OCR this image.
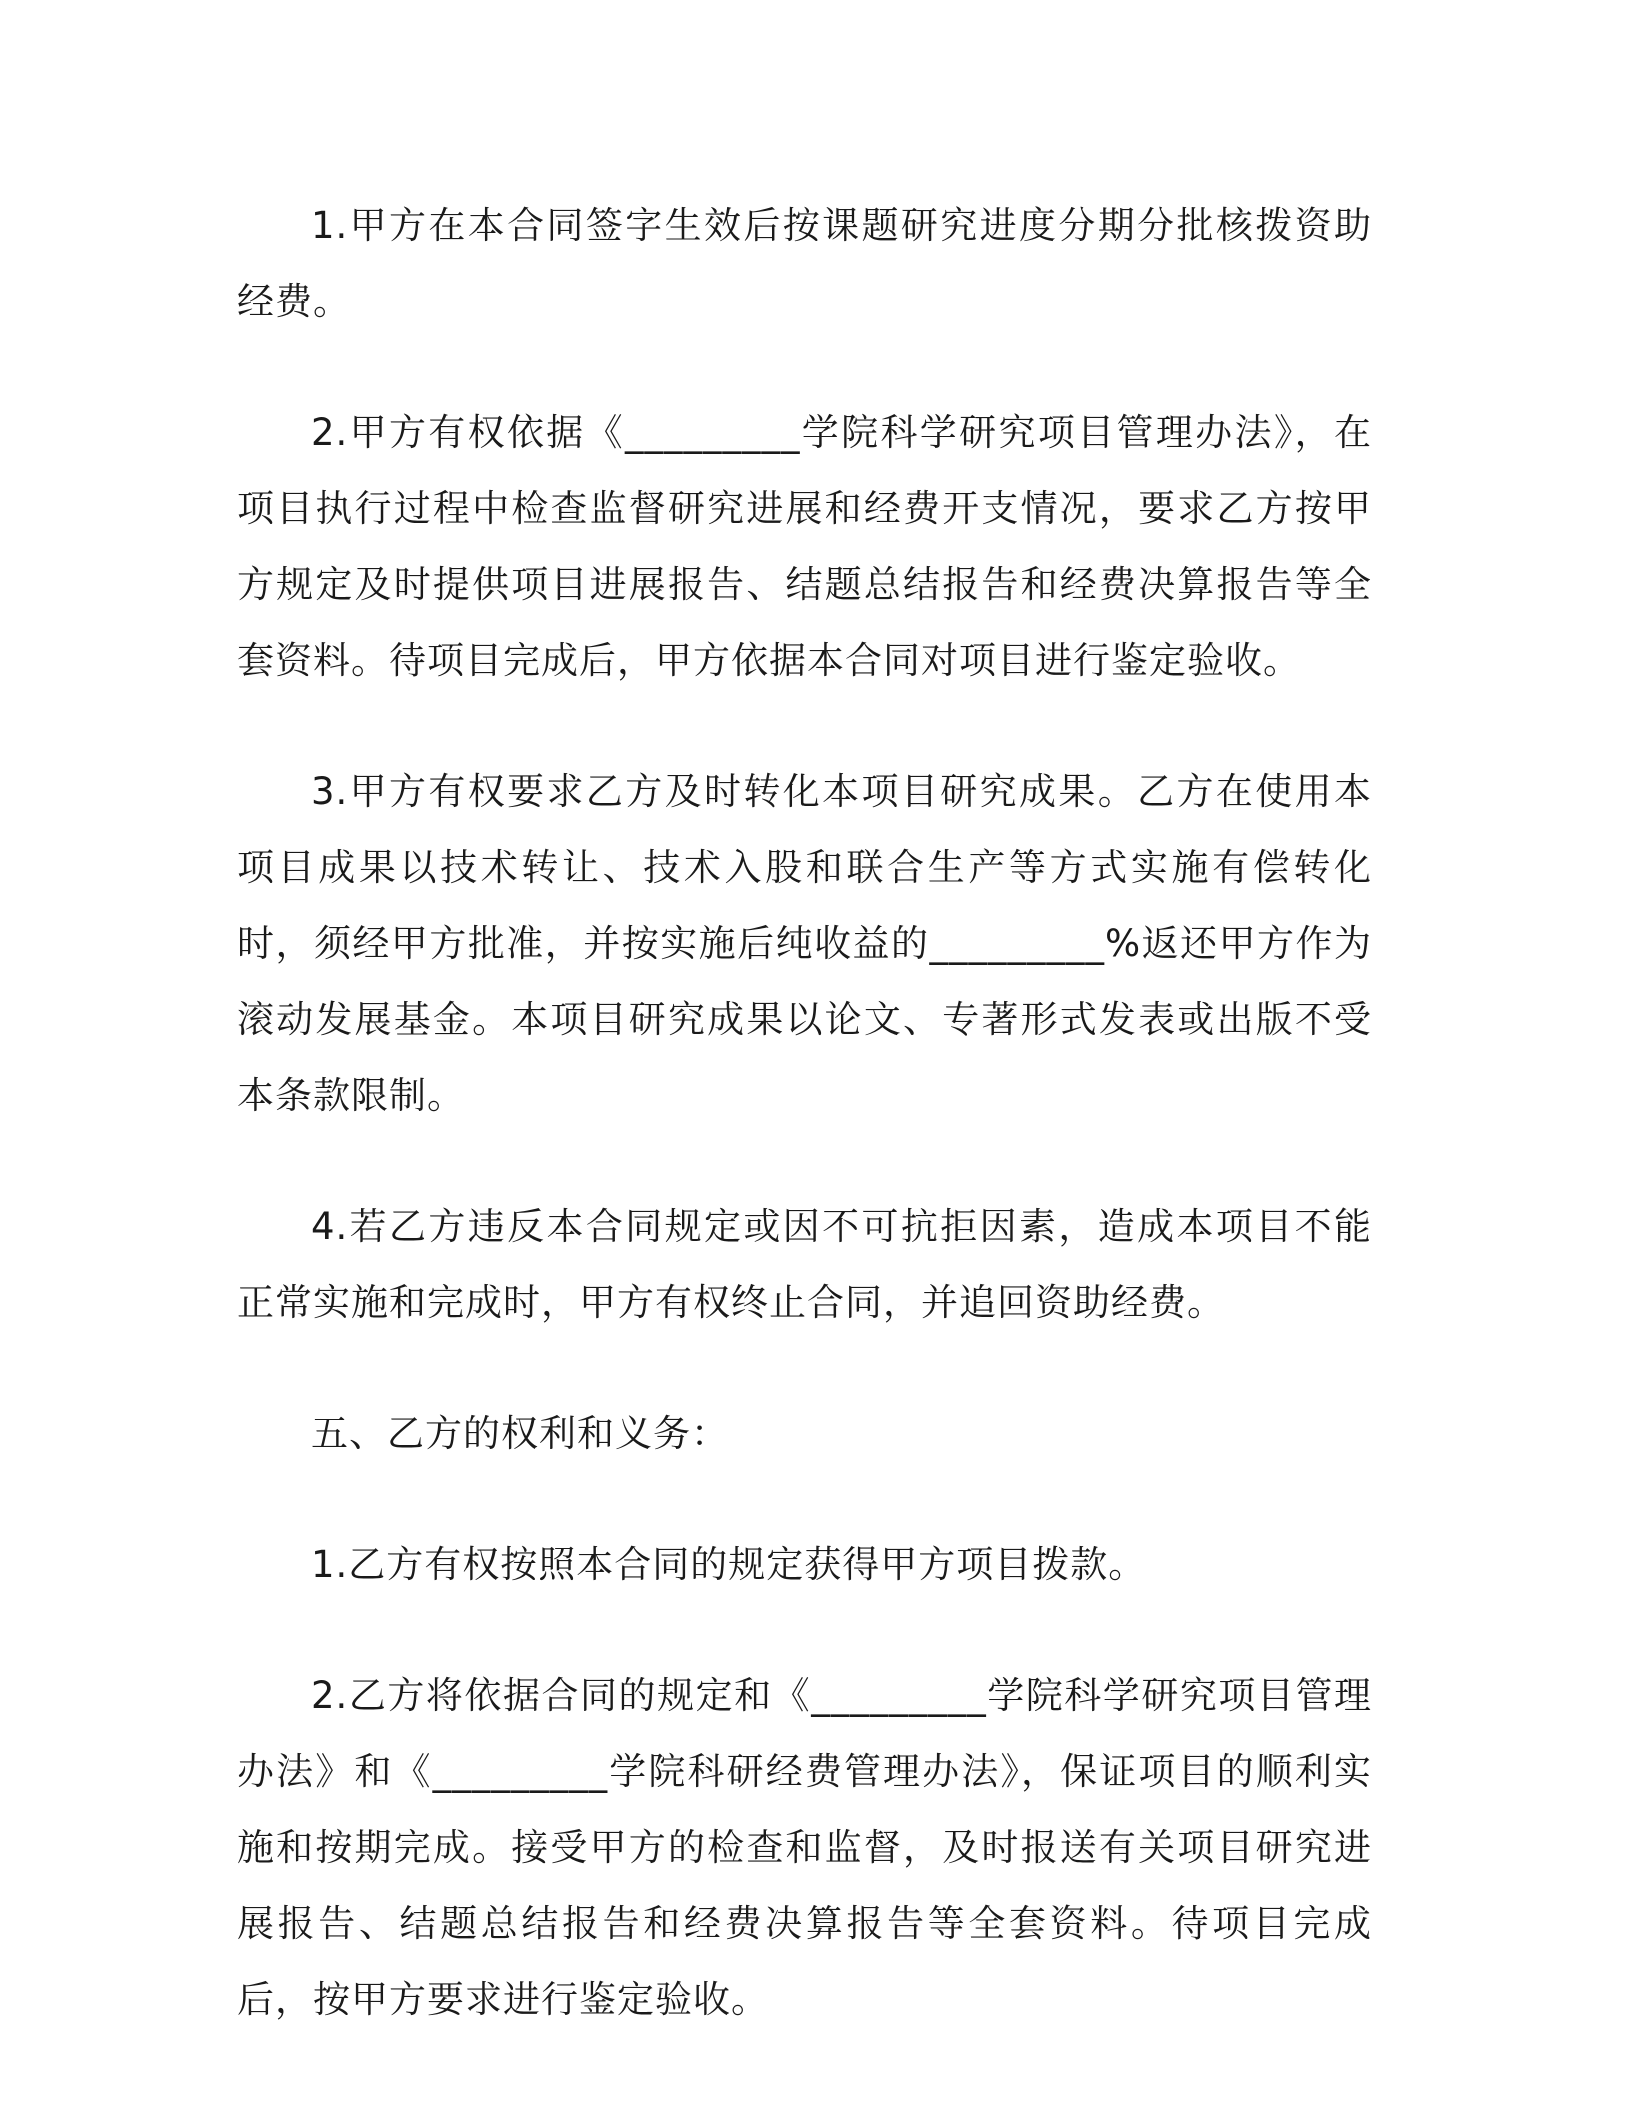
1.甲方在本合同签字生效后按课题研究进度分期分批核拨资助经费。

2.甲方有权依据《_________学院科学研究项目管理办法》，在项目执行过程中检查监督研究进展和经费开支情况，要求乙方按甲方规定及时提供项目进展报告、结题总结报告和经费决算报告等全套资料。待项目完成后，甲方依据本合同对项目进行鉴定验收。

3.甲方有权要求乙方及时转化本项目研究成果。乙方在使用本项目成果以技术转让、技术入股和联合生产等方式实施有偿转化时，须经甲方批准，并按实施后纯收益的_________%返还甲方作为滚动发展基金。本项目研究成果以论文、专著形式发表或出版不受本条款限制。

4.若乙方违反本合同规定或因不可抗拒因素，造成本项目不能正常实施和完成时，甲方有权终止合同，并追回资助经费。

五、乙方的权利和义务：

1.乙方有权按照本合同的规定获得甲方项目拨款。

2.乙方将依据合同的规定和《_________学院科学研究项目管理办法》和《_________学院科研经费管理办法》，保证项目的顺利实施和按期完成。接受甲方的检查和监督，及时报送有关项目研究进展报告、结题总结报告和经费决算报告等全套资料。待项目完成后，按甲方要求进行鉴定验收。
